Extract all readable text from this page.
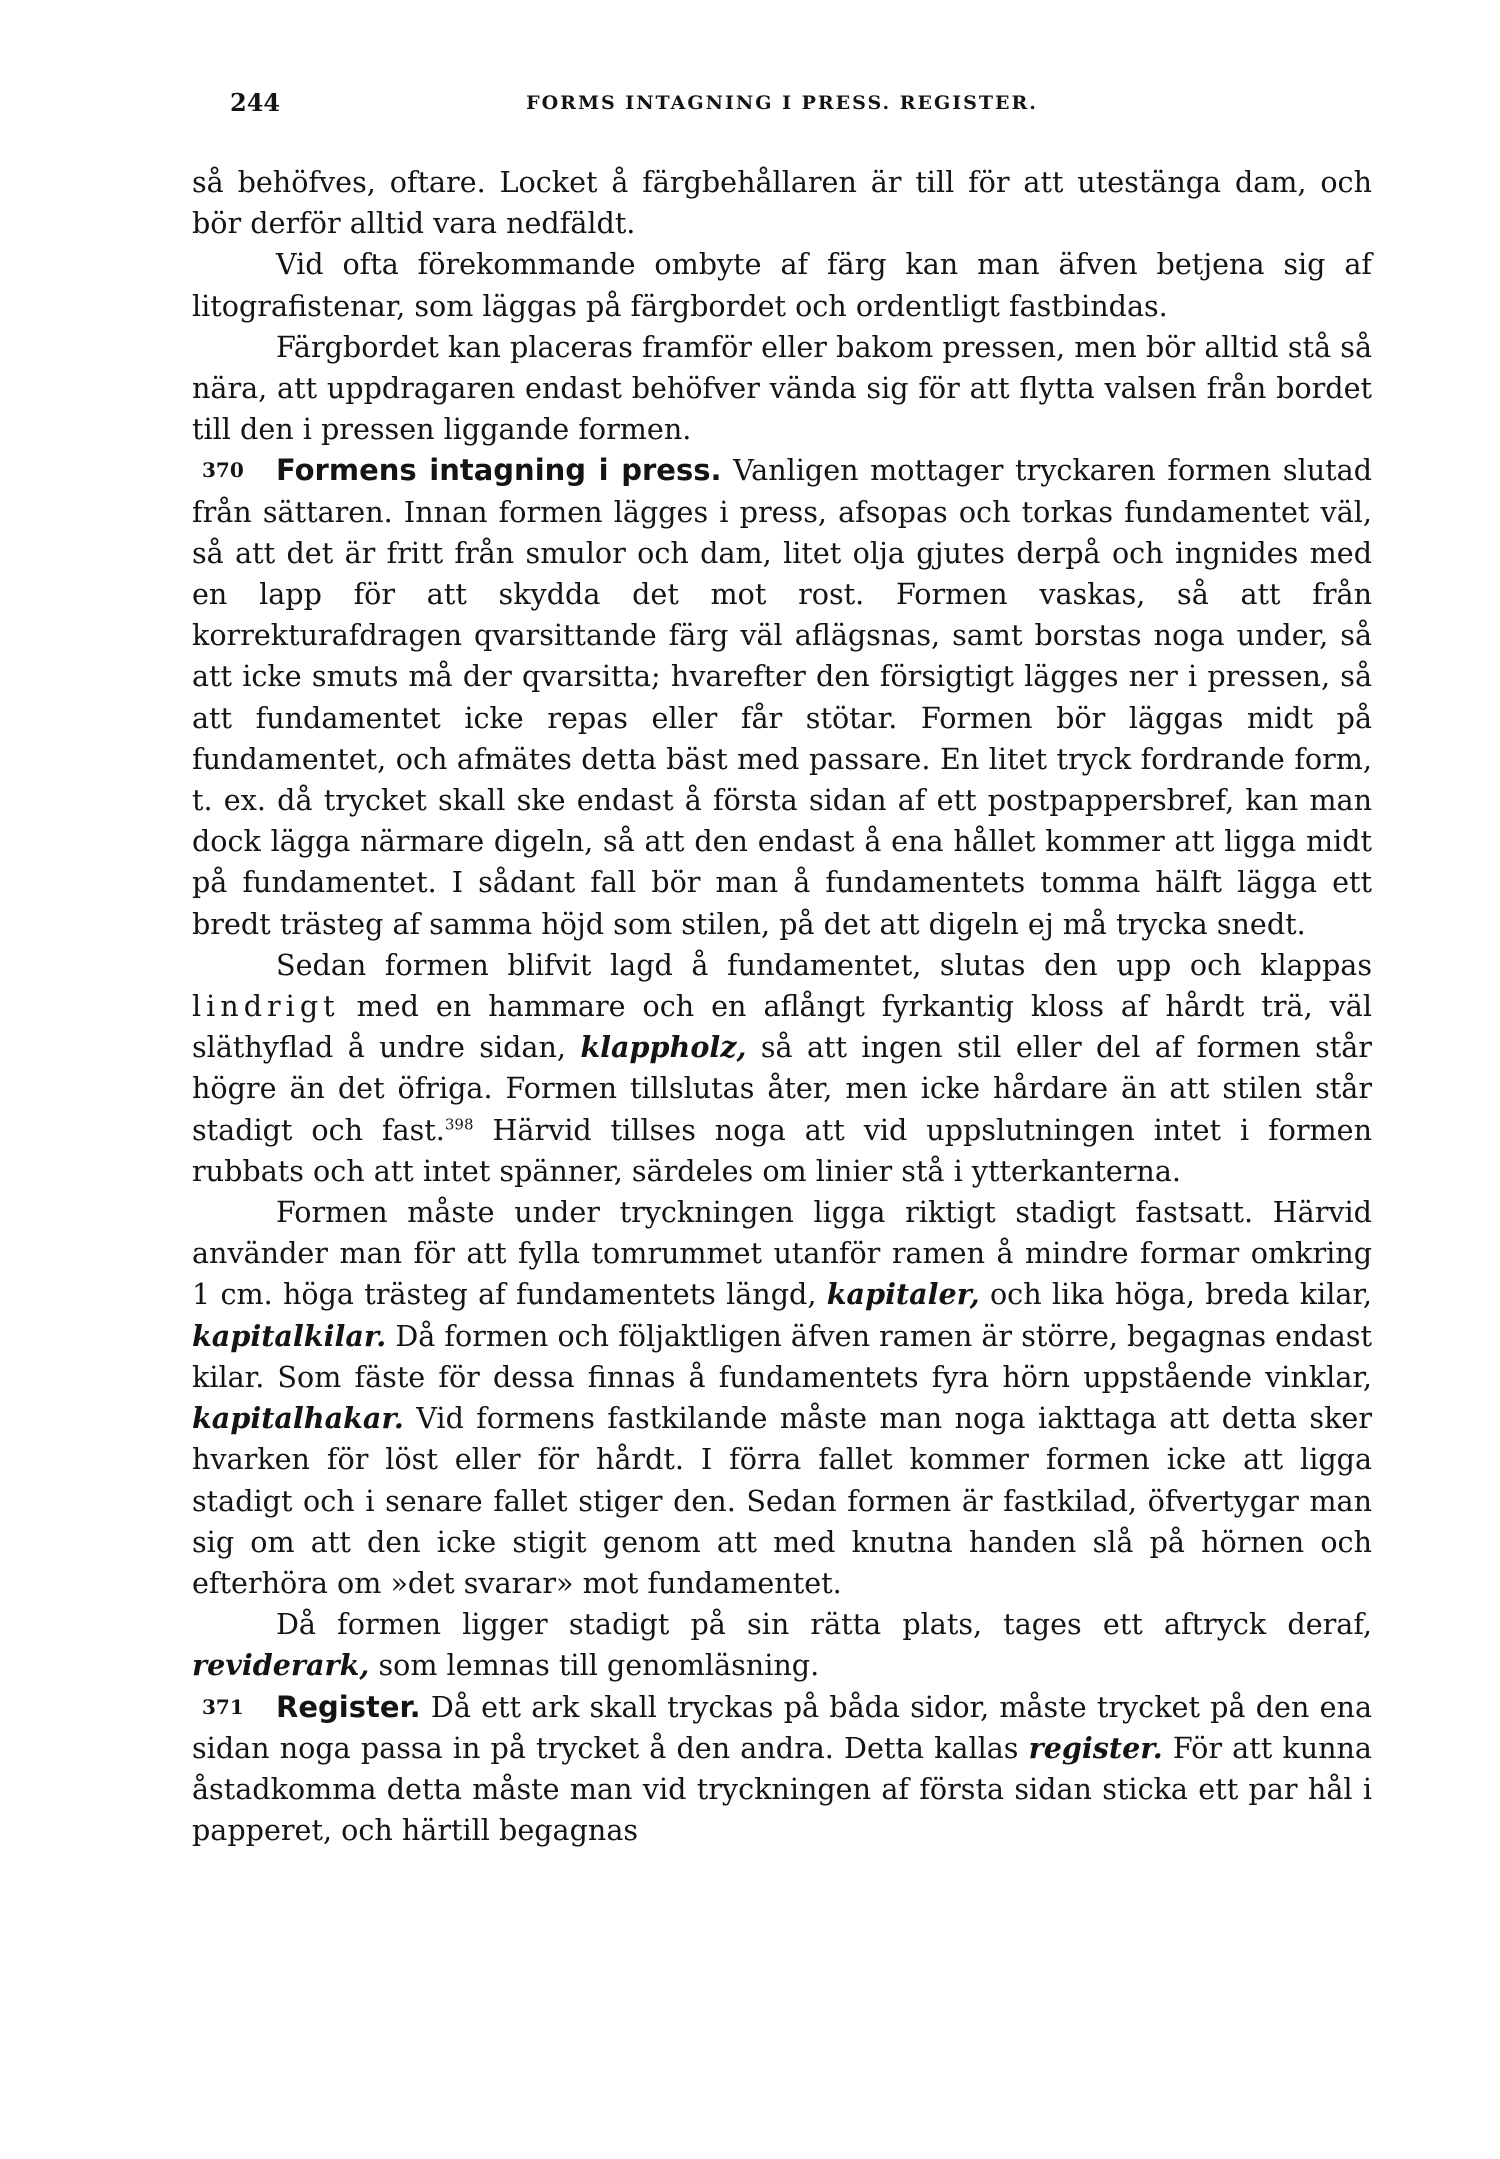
244	FORMS INTAGNING I PRESS. REGISTER.

så behöfves, oftare. Locket å färgbehållaren är till för att utestänga dam, och bör derför alltid vara nedfäldt.

Vid ofta förekommande ombyte af färg kan man äfven betjena sig af litografistenar, som läggas på färgbordet och ordentligt fastbindas.

Färgbordet kan placeras framför eller bakom pressen, men bör alltid stå så nära, att uppdragaren endast behöfver vända sig för att flytta valsen från bordet till den i pressen liggande formen.

370 Formens intagning i press. Vanligen mottager tryckaren formen slutad från sättaren. Innan formen lägges i press, afsopas och torkas fundamentet väl, så att det är fritt från smulor och dam, litet olja gjutes derpå och ingnides med en lapp för att skydda det mot rost. Formen vaskas, så att från korrekturafdragen qvarsittande färg väl aflägsnas, samt borstas noga under, så att icke smuts må der qvarsitta; hvarefter den försigtigt lägges ner i pressen, så att fundamentet icke repas eller får stötar. Formen bör läggas midt på fundamentet, och afmätes detta bäst med passare. En litet tryck fordrande form, t. ex. då trycket skall ske endast å första sidan af ett postpappersbref, kan man dock lägga närmare digeln, så att den endast å ena hållet kommer att ligga midt på fundamentet. I sådant fall bör man å fundamentets tomma hälft lägga ett bredt trästeg af samma höjd som stilen, på det att digeln ej må trycka snedt.

Sedan formen blifvit lagd å fundamentet, slutas den upp och klappas lindrigt med en hammare och en aflångt fyrkantig kloss af hårdt trä, väl släthyflad å undre sidan, klappholz, så att ingen stil eller del af formen står högre än det öfriga. Formen tillslutas åter, men icke hårdare än att stilen står stadigt och fast.$^{398}$ Härvid tillses noga att vid uppslutningen intet i formen rubbats och att intet spänner, särdeles om linier stå i ytterkanterna.

Formen måste under tryckningen ligga riktigt stadigt fastsatt. Härvid använder man för att fylla tomrummet utanför ramen å mindre formar omkring 1 cm. höga trästeg af fundamentets längd, kapitaler, och lika höga, breda kilar, kapitalkilar. Då formen och följaktligen äfven ramen är större, begagnas endast kilar. Som fäste för dessa finnas å fundamentets fyra hörn uppstående vinklar, kapitalhakar. Vid formens fastkilande måste man noga iakttaga att detta sker hvarken för löst eller för hårdt. I förra fallet kommer formen icke att ligga stadigt och i senare fallet stiger den. Sedan formen är fastkilad, öfvertygar man sig om att den icke stigit genom att med knutna handen slå på hörnen och efterhöra om »det svarar» mot fundamentet.

Då formen ligger stadigt på sin rätta plats, tages ett aftryck deraf, reviderark, som lemnas till genomläsning.

371 Register. Då ett ark skall tryckas på båda sidor, måste trycket på den ena sidan noga passa in på trycket å den andra. Detta kallas register. För att kunna åstadkomma detta måste man vid tryckningen af första sidan sticka ett par hål i papperet, och härtill begagnas
